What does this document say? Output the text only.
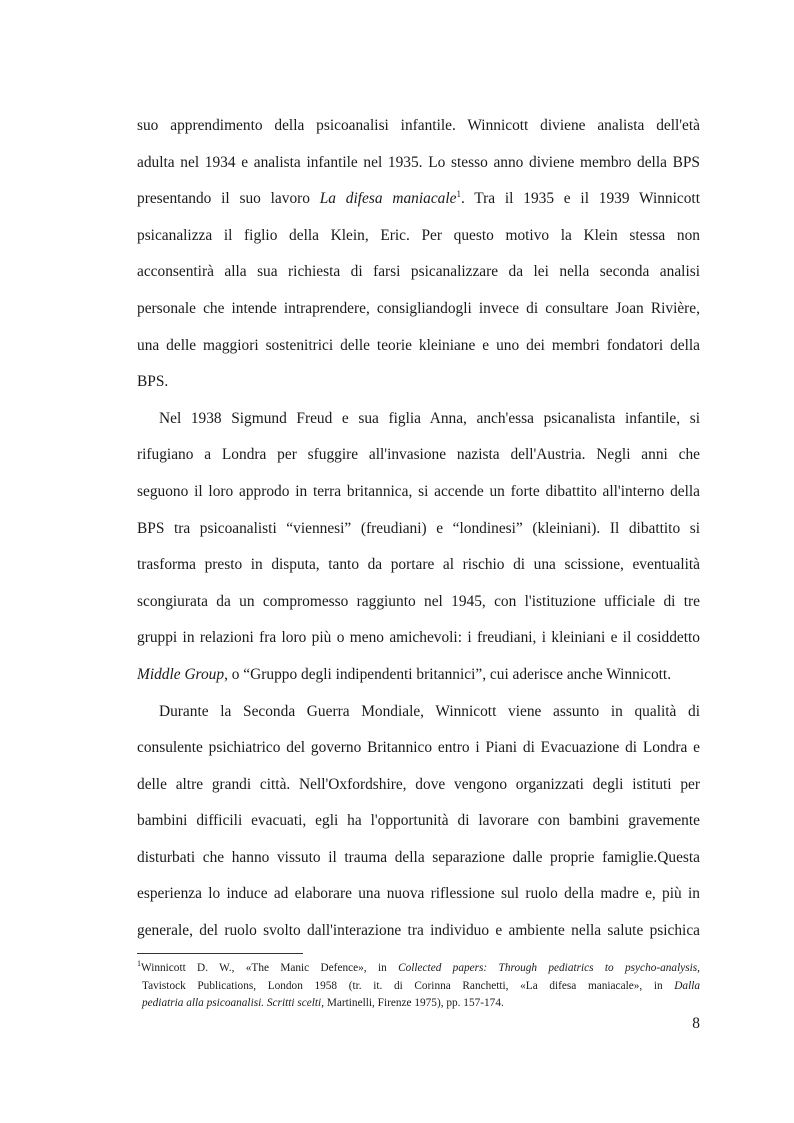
suo apprendimento della psicoanalisi infantile. Winnicott diviene analista dell'età
adulta nel 1934 e analista infantile nel 1935. Lo stesso anno diviene membro della BPS
presentando il suo lavoro La difesa maniacale$^1$. Tra il 1935 e il 1939 Winnicott
psicanalizza il figlio della Klein, Eric. Per questo motivo la Klein stessa non
acconsentirà alla sua richiesta di farsi psicanalizzare da lei nella seconda analisi
personale che intende intraprendere, consigliandogli invece di consultare Joan Rivière,
una delle maggiori sostenitrici delle teorie kleiniane e uno dei membri fondatori della
BPS.
Nel 1938 Sigmund Freud e sua figlia Anna, anch'essa psicanalista infantile, si
rifugiano a Londra per sfuggire all'invasione nazista dell'Austria. Negli anni che
seguono il loro approdo in terra britannica, si accende un forte dibattito all'interno della
BPS tra psicoanalisti “viennesi” (freudiani) e “londinesi” (kleiniani). Il dibattito si
trasforma presto in disputa, tanto da portare al rischio di una scissione, eventualità
scongiurata da un compromesso raggiunto nel 1945, con l'istituzione ufficiale di tre
gruppi in relazioni fra loro più o meno amichevoli: i freudiani, i kleiniani e il cosiddetto
Middle Group, o “Gruppo degli indipendenti britannici”, cui aderisce anche Winnicott.
Durante la Seconda Guerra Mondiale, Winnicott viene assunto in qualità di
consulente psichiatrico del governo Britannico entro i Piani di Evacuazione di Londra e
delle altre grandi città. Nell'Oxfordshire, dove vengono organizzati degli istituti per
bambini difficili evacuati, egli ha l'opportunità di lavorare con bambini gravemente
disturbati che hanno vissuto il trauma della separazione dalle proprie famiglie.Questa
esperienza lo induce ad elaborare una nuova riflessione sul ruolo della madre e, più in
generale, del ruolo svolto dall'interazione tra individuo e ambiente nella salute psichica
$^1$Winnicott D. W., «The Manic Defence», in Collected papers: Through pediatrics to psycho-analysis,
Tavistock Publications, London 1958 (tr. it. di Corinna Ranchetti, «La difesa maniacale», in Dalla
pediatria alla psicoanalisi. Scritti scelti, Martinelli, Firenze 1975), pp. 157-174.
8
